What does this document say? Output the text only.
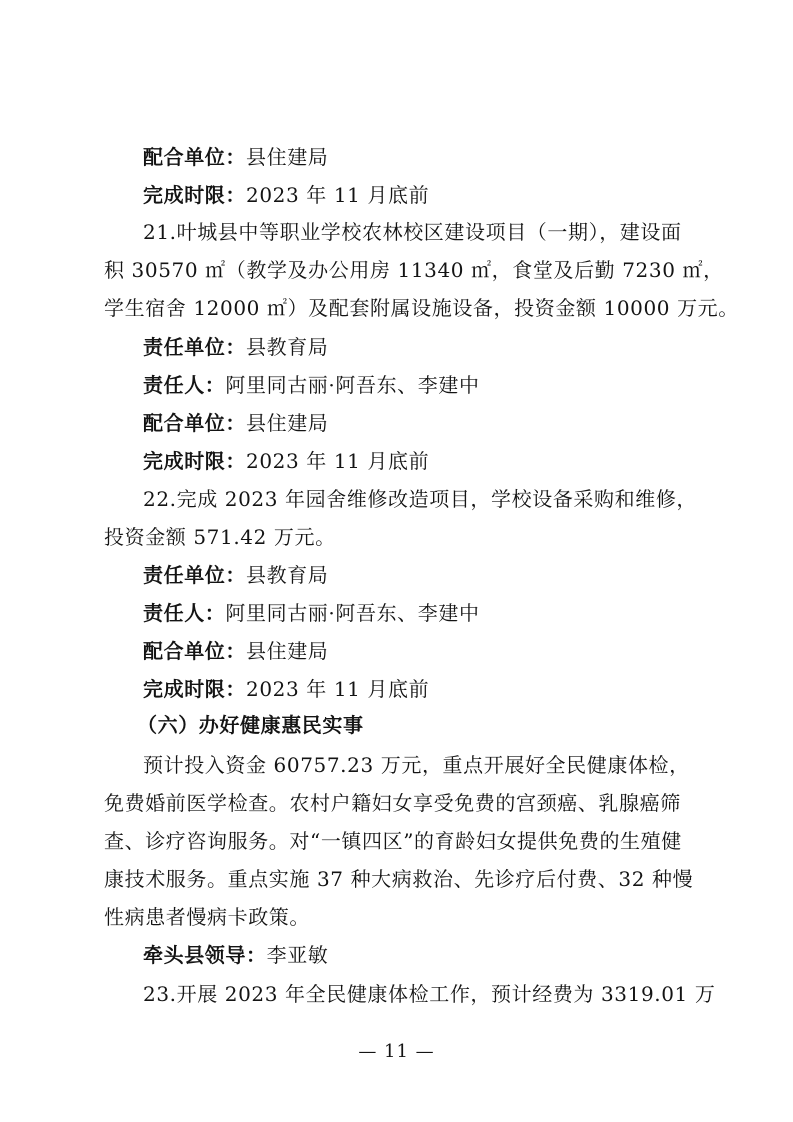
配合单位：县住建局
完成时限：2023 年 11 月底前
21.叶城县中等职业学校农林校区建设项目（一期），建设面
积 30570 ㎡（教学及办公用房 11340 ㎡，食堂及后勤 7230 ㎡，
学生宿舍 12000 ㎡）及配套附属设施设备，投资金额 10000 万元。
责任单位：县教育局
责任人：阿里同古丽·阿吾东、李建中
配合单位：县住建局
完成时限：2023 年 11 月底前
22.完成 2023 年园舍维修改造项目，学校设备采购和维修，
投资金额 571.42 万元。
责任单位：县教育局
责任人：阿里同古丽·阿吾东、李建中
配合单位：县住建局
完成时限：2023 年 11 月底前
（六）办好健康惠民实事
预计投入资金 60757.23 万元，重点开展好全民健康体检，
免费婚前医学检查。农村户籍妇女享受免费的宫颈癌、乳腺癌筛
查、诊疗咨询服务。对“一镇四区”的育龄妇女提供免费的生殖健
康技术服务。重点实施 37 种大病救治、先诊疗后付费、32 种慢
性病患者慢病卡政策。
牵头县领导：李亚敏
23.开展 2023 年全民健康体检工作，预计经费为 3319.01 万
— 11 —
